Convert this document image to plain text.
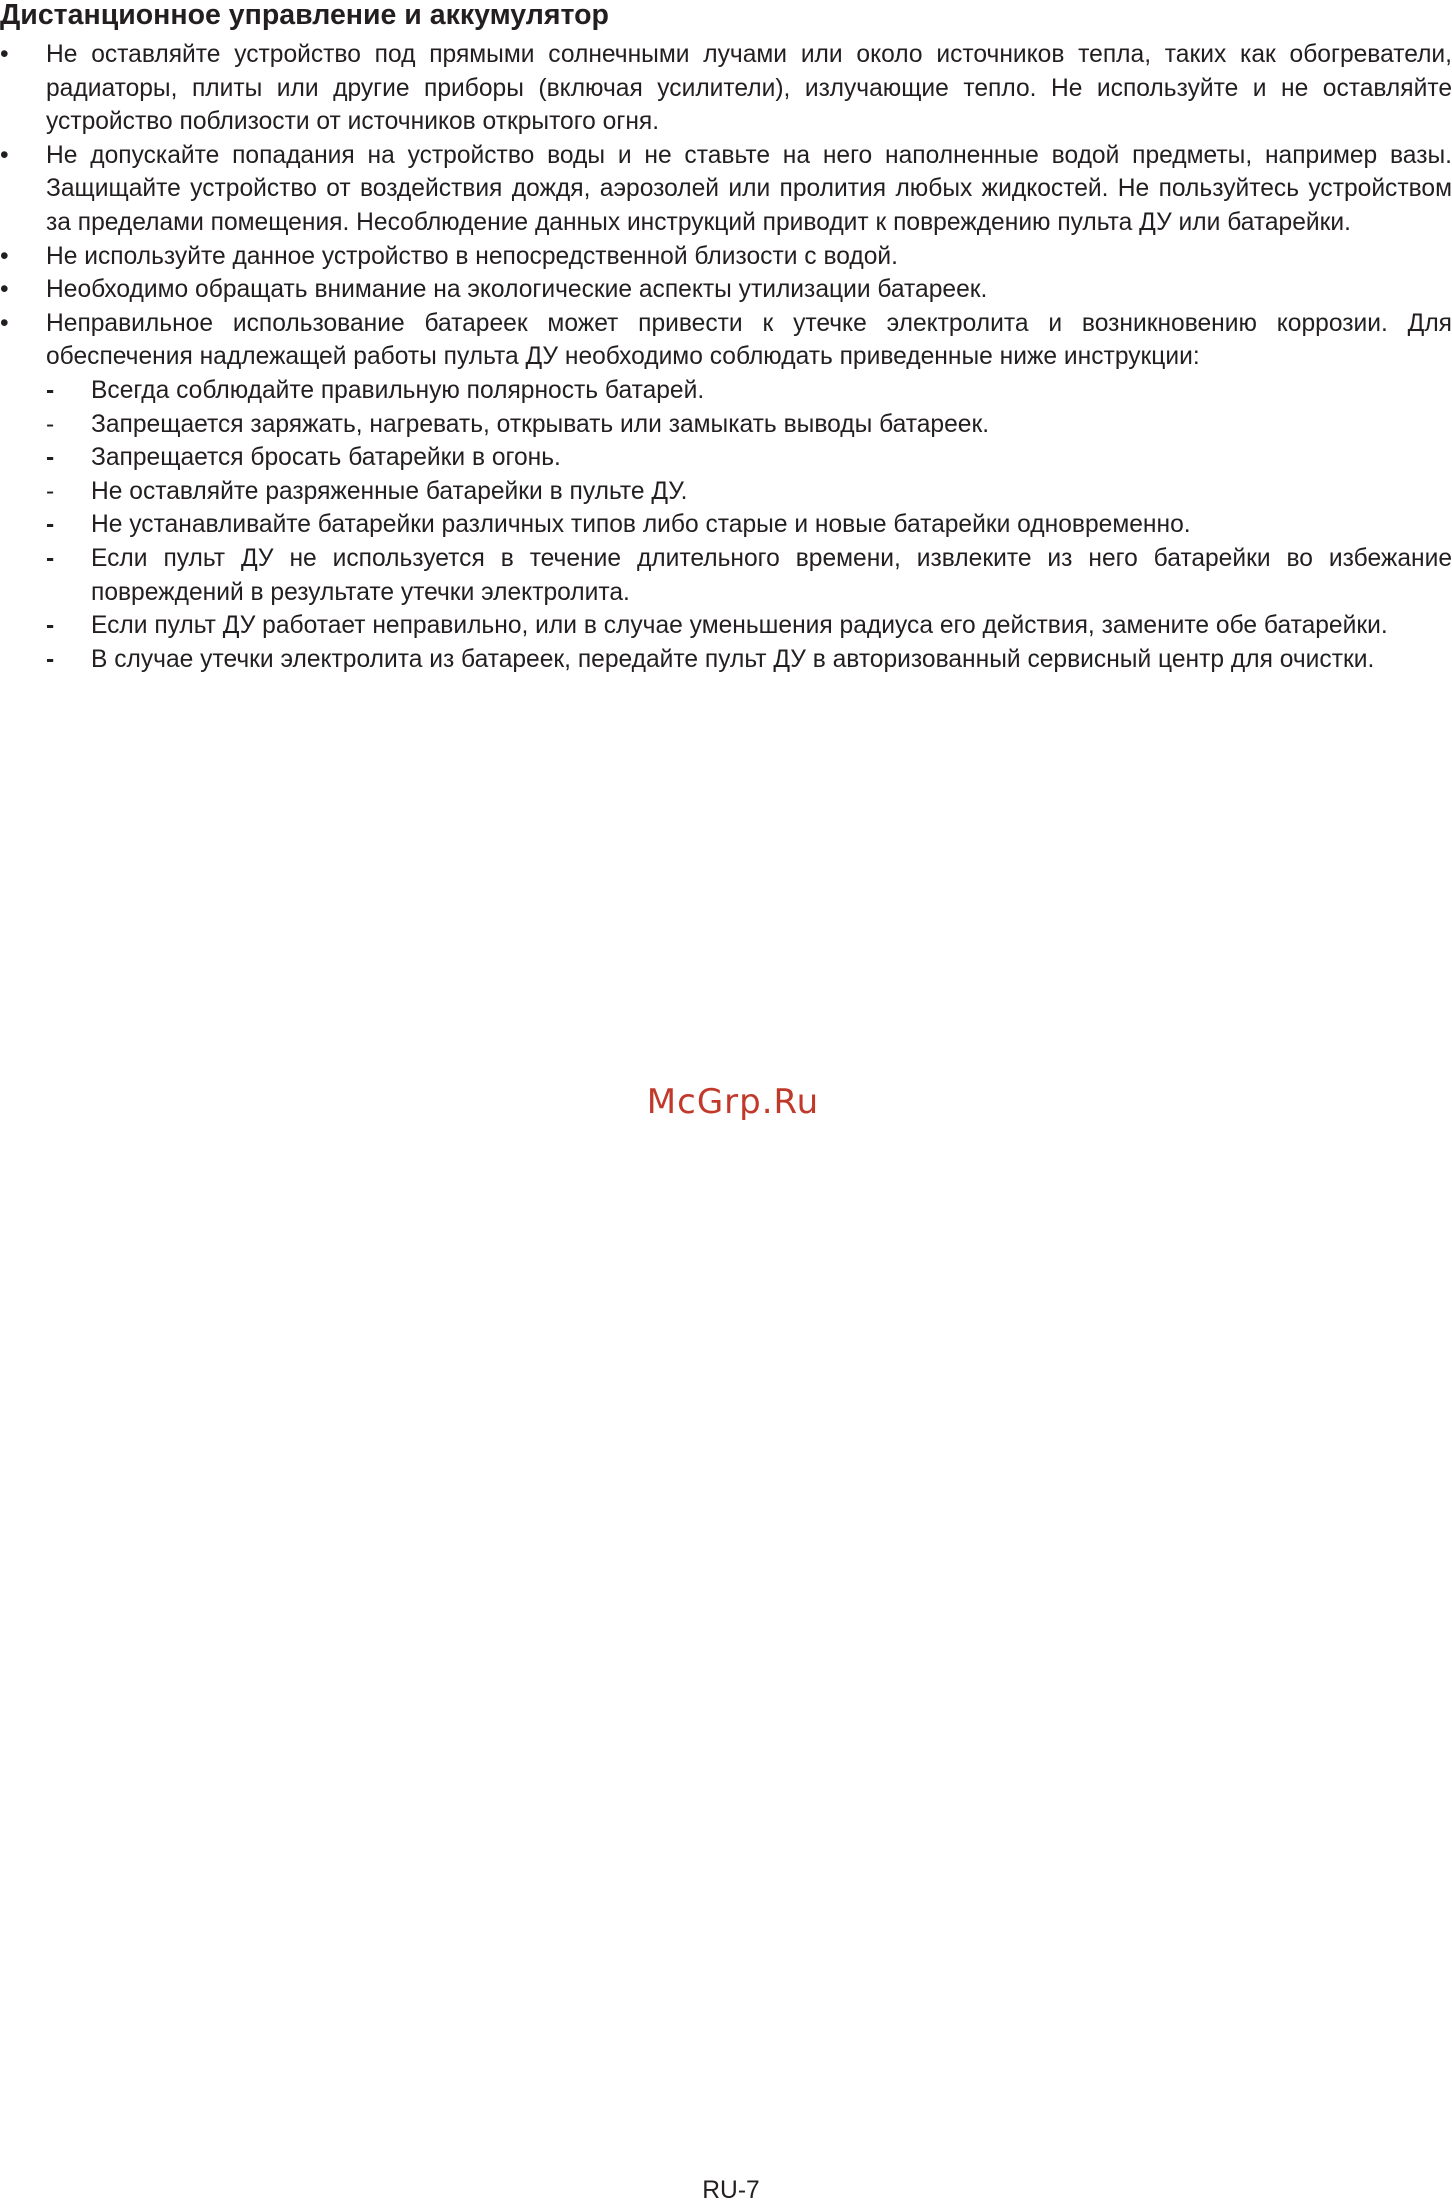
Дистанционное управление и аккумулятор
•	Не оставляйте устройство под прямыми солнечными лучами или около источников тепла, таких как обогреватели, радиаторы, плиты или другие приборы (включая усилители), излучающие тепло. Не используйте и не оставляйте устройство поблизости от источников открытого огня.
•	Не допускайте попадания на устройство воды и не ставьте на него наполненные водой предметы, например вазы. Защищайте устройство от воздействия дождя, аэрозолей или пролития любых жидкостей. Не пользуйтесь устройством за пределами помещения. Несоблюдение данных инструкций приводит к повреждению пульта ДУ или батарейки.
•	Не используйте данное устройство в непосредственной близости с водой.
•	Необходимо обращать внимание на экологические аспекты утилизации батареек.
•	Неправильное использование батареек может привести к утечке электролита и возникновению коррозии. Для обеспечения надлежащей работы пульта ДУ необходимо соблюдать приведенные ниже инструкции:
-	Всегда соблюдайте правильную полярность батарей.
-	Запрещается заряжать, нагревать, открывать или замыкать выводы батареек.
-	Запрещается бросать батарейки в огонь.
-	Не оставляйте разряженные батарейки в пульте ДУ.
-	Не устанавливайте батарейки различных типов либо старые и новые батарейки одновременно.
-	Если пульт ДУ не используется в течение длительного времени, извлеките из него батарейки во избежание повреждений в результате утечки электролита.
-	Если пульт ДУ работает неправильно, или в случае уменьшения радиуса его действия, замените обе батарейки.
-	В случае утечки электролита из батареек, передайте пульт ДУ в авторизованный сервисный центр для очистки.
McGrp.Ru
RU-7
